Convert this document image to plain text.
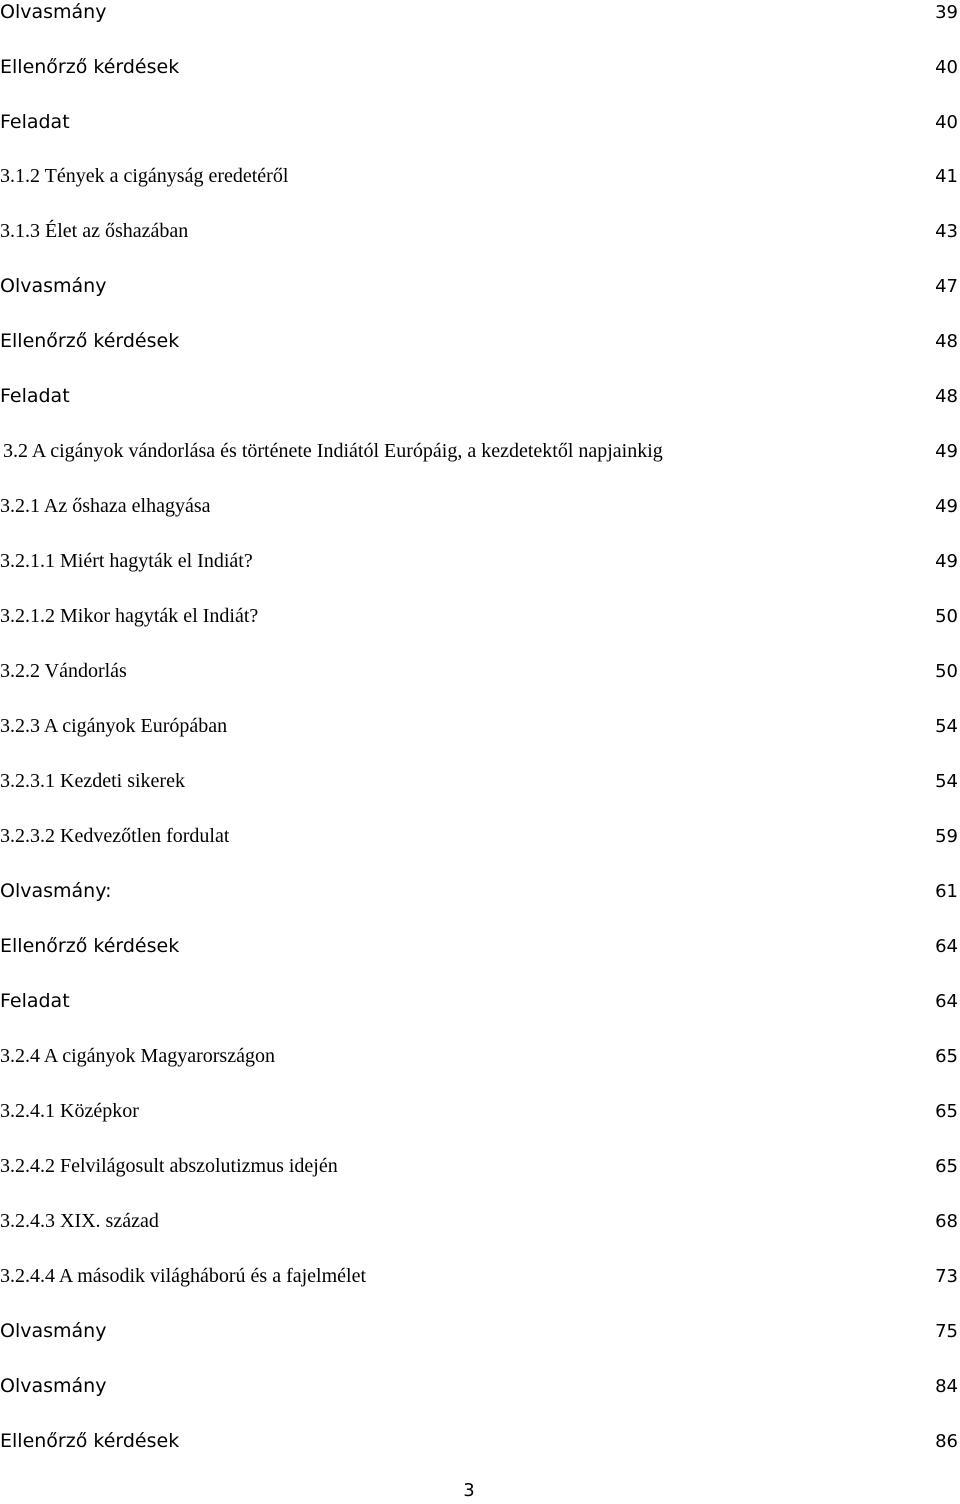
Olvasmány	39
Ellenőrző kérdések	40
Feladat	40
3.1.2 Tények a cigányság eredetéről	41
3.1.3 Élet az őshazában	43
Olvasmány	47
Ellenőrző kérdések	48
Feladat	48
3.2 A cigányok vándorlása és története Indiától Európáig, a kezdetektől napjainkig	49
3.2.1 Az őshaza elhagyása	49
3.2.1.1 Miért hagyták el Indiát?	49
3.2.1.2 Mikor hagyták el Indiát?	50
3.2.2 Vándorlás	50
3.2.3 A cigányok Európában	54
3.2.3.1 Kezdeti sikerek	54
3.2.3.2 Kedvezőtlen fordulat	59
Olvasmány:	61
Ellenőrző kérdések	64
Feladat	64
3.2.4 A cigányok Magyarországon	65
3.2.4.1 Középkor	65
3.2.4.2 Felvilágosult abszolutizmus idején	65
3.2.4.3 XIX. század	68
3.2.4.4 A második világháború és a fajelmélet	73
Olvasmány	75
Olvasmány	84
Ellenőrző kérdések	86
3
